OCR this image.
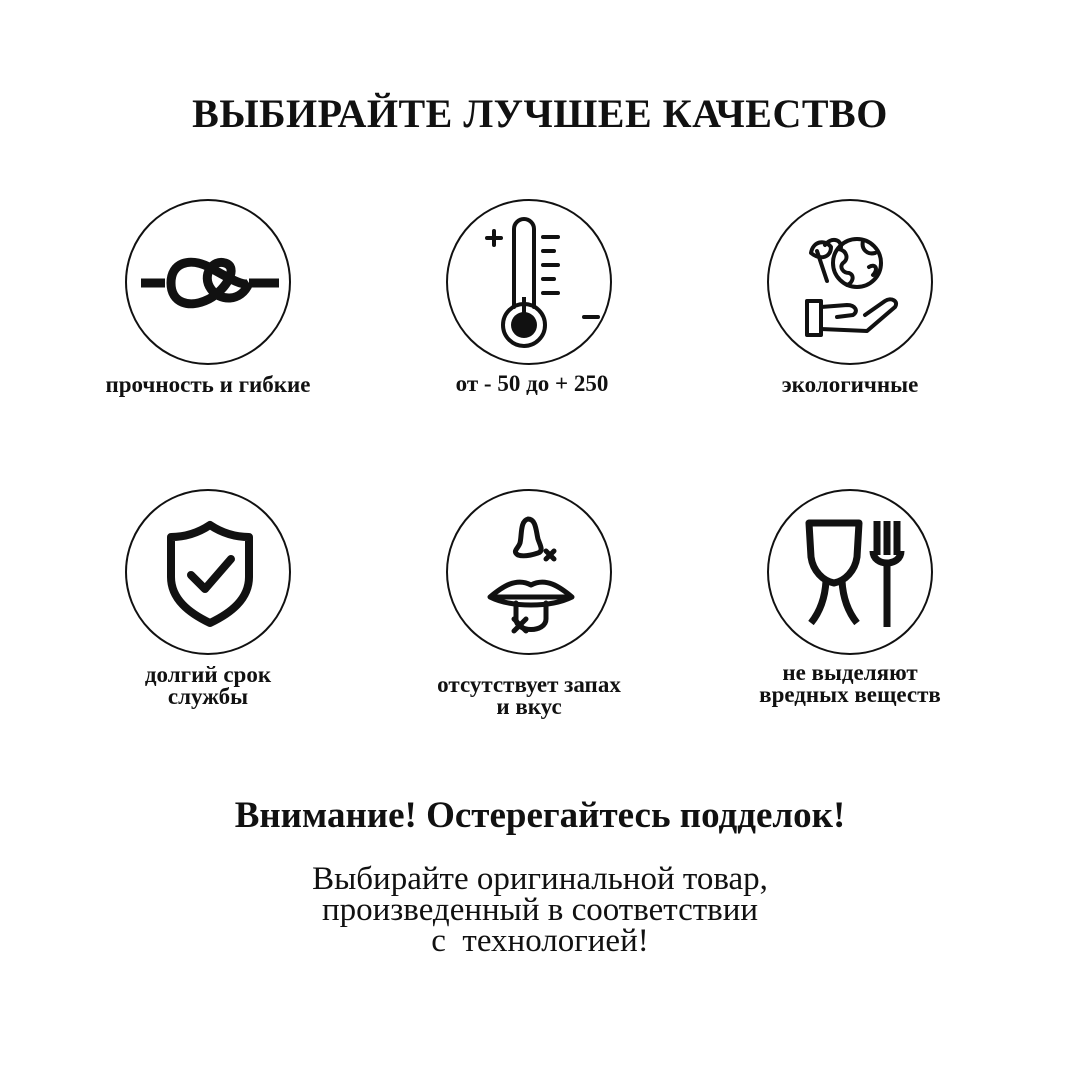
ВЫБИРАЙТЕ ЛУЧШЕЕ КАЧЕСТВО
прочность и гибкие	от - 50 до + 250	экологичные
долгий срок
службы	отсутствует запах
и вкус
не выделяют
вредных веществ
Внимание! Остерегайтесь подделок!
Выбирайте оригинальной товар,
произведенный в соответствии
с  технологией!
